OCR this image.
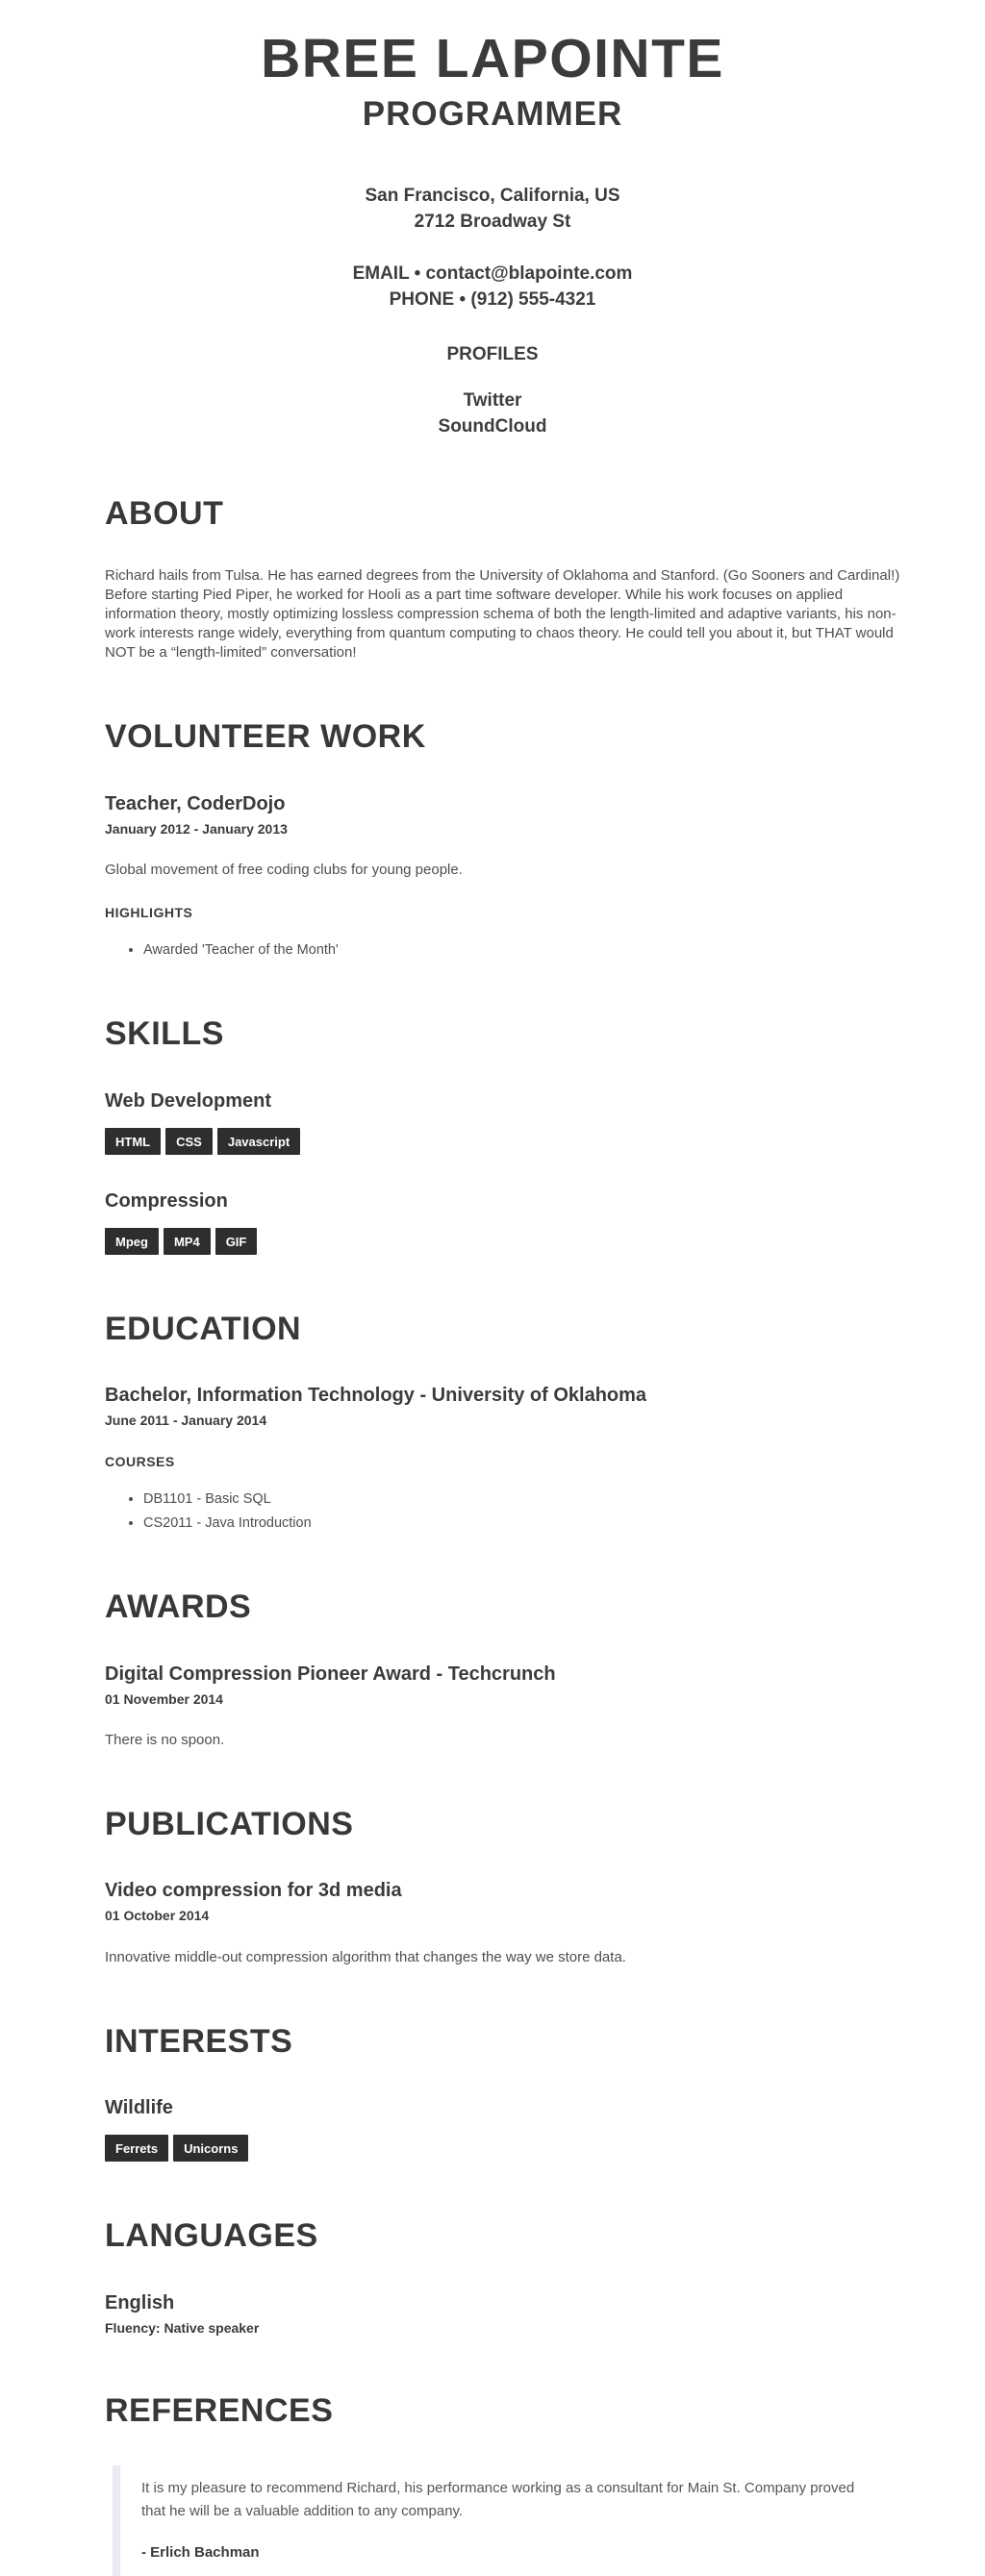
BREE LAPOINTE
PROGRAMMER

San Francisco, California, US
2712 Broadway St

EMAIL • contact@blapointe.com
PHONE • (912) 555-4321

PROFILES

Twitter
SoundCloud

ABOUT

Richard hails from Tulsa. He has earned degrees from the University of Oklahoma and Stanford. (Go Sooners and Cardinal!) Before starting Pied Piper, he worked for Hooli as a part time software developer. While his work focuses on applied information theory, mostly optimizing lossless compression schema of both the length-limited and adaptive variants, his non-work interests range widely, everything from quantum computing to chaos theory. He could tell you about it, but THAT would NOT be a “length-limited” conversation!

VOLUNTEER WORK
Teacher, CoderDojo
January 2012 - January 2013

Global movement of free coding clubs for young people.

HIGHLIGHTS
• Awarded 'Teacher of the Month'
SKILLS
Web Development
HTML	CSS	Javascript
Compression
Mpeg	MP4	GIF
EDUCATION
Bachelor, Information Technology - University of Oklahoma
June 2011 - January 2014
COURSES
• DB1101 - Basic SQL
• CS2011 - Java Introduction
AWARDS
Digital Compression Pioneer Award - Techcrunch
01 November 2014

There is no spoon.

PUBLICATIONS
Video compression for 3d media
01 October 2014

Innovative middle-out compression algorithm that changes the way we store data.

INTERESTS
Wildlife
Ferrets	Unicorns
LANGUAGES
English
Fluency: Native speaker
REFERENCES

It is my pleasure to recommend Richard, his performance working as a consultant for Main St. Company proved that he will be a valuable addition to any company.

- Erlich Bachman
